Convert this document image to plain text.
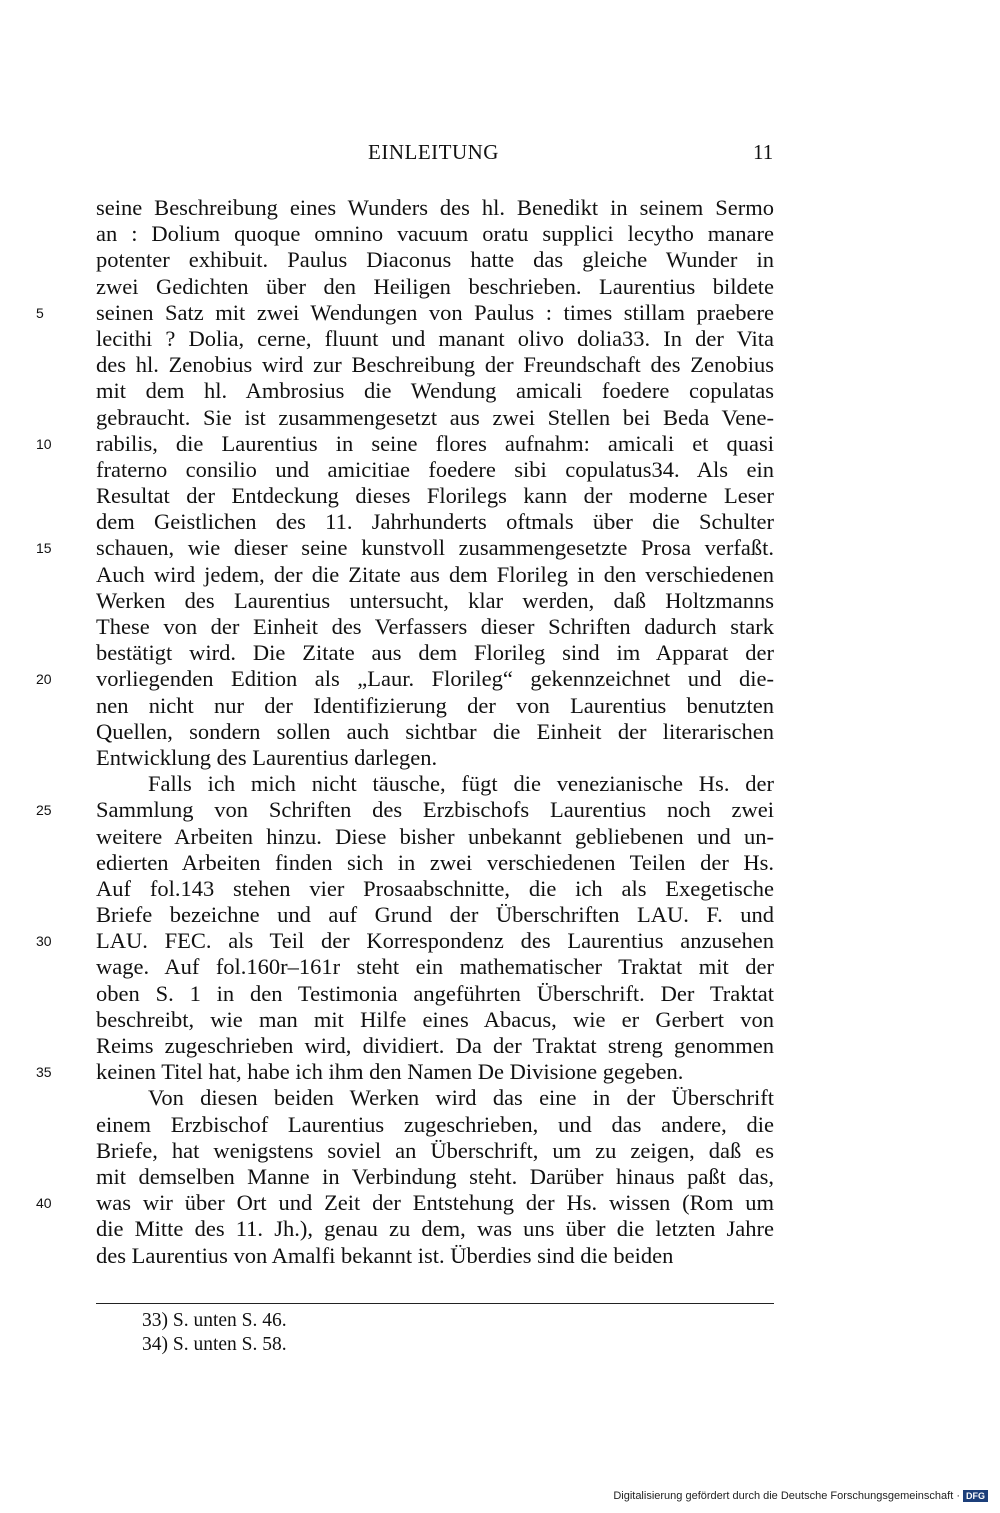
EINLEITUNG	11
seine Beschreibung eines Wunders des hl. Benedikt in seinem Sermo
an : Dolium quoque omnino vacuum oratu supplici lecytho manare
potenter exhibuit. Paulus Diaconus hatte das gleiche Wunder in
zwei Gedichten über den Heiligen beschrieben. Laurentius bildete
5 seinen Satz mit zwei Wendungen von Paulus : times stillam praebere
lecithi ? Dolia, cerne, fluunt und manant olivo dolia33. In der Vita
des hl. Zenobius wird zur Beschreibung der Freundschaft des Zenobius
mit dem hl. Ambrosius die Wendung amicali foedere copulatas
gebraucht. Sie ist zusammengesetzt aus zwei Stellen bei Beda Vene-
10 rabilis, die Laurentius in seine flores aufnahm: amicali et quasi
fraterno consilio und amicitiae foedere sibi copulatus34. Als ein
Resultat der Entdeckung dieses Florilegs kann der moderne Leser
dem Geistlichen des 11. Jahrhunderts oftmals über die Schulter
15 schauen, wie dieser seine kunstvoll zusammengesetzte Prosa verfaßt.
Auch wird jedem, der die Zitate aus dem Florileg in den verschiedenen
Werken des Laurentius untersucht, klar werden, daß Holtzmanns
These von der Einheit des Verfassers dieser Schriften dadurch stark
bestätigt wird. Die Zitate aus dem Florileg sind im Apparat der
20 vorliegenden Edition als „Laur. Florileg“ gekennzeichnet und die-
nen nicht nur der Identifizierung der von Laurentius benutzten
Quellen, sondern sollen auch sichtbar die Einheit der literarischen
Entwicklung des Laurentius darlegen.
Falls ich mich nicht täusche, fügt die venezianische Hs. der
25 Sammlung von Schriften des Erzbischofs Laurentius noch zwei
weitere Arbeiten hinzu. Diese bisher unbekannt gebliebenen und un-
edierten Arbeiten finden sich in zwei verschiedenen Teilen der Hs.
Auf fol.143 stehen vier Prosaabschnitte, die ich als Exegetische
Briefe bezeichne und auf Grund der Überschriften LAU. F. und
30 LAU. FEC. als Teil der Korrespondenz des Laurentius anzusehen
wage. Auf fol.160r–161r steht ein mathematischer Traktat mit der
oben S. 1 in den Testimonia angeführten Überschrift. Der Traktat
beschreibt, wie man mit Hilfe eines Abacus, wie er Gerbert von
Reims zugeschrieben wird, dividiert. Da der Traktat streng genommen
35 keinen Titel hat, habe ich ihm den Namen De Divisione gegeben.
Von diesen beiden Werken wird das eine in der Überschrift
einem Erzbischof Laurentius zugeschrieben, und das andere, die
Briefe, hat wenigstens soviel an Überschrift, um zu zeigen, daß es
mit demselben Manne in Verbindung steht. Darüber hinaus paßt das,
40 was wir über Ort und Zeit der Entstehung der Hs. wissen (Rom um
die Mitte des 11. Jh.), genau zu dem, was uns über die letzten Jahre
des Laurentius von Amalfi bekannt ist. Überdies sind die beiden
33) S. unten S. 46.
34) S. unten S. 58.
Digitalisierung gefördert durch die Deutsche Forschungsgemeinschaft · DFG
